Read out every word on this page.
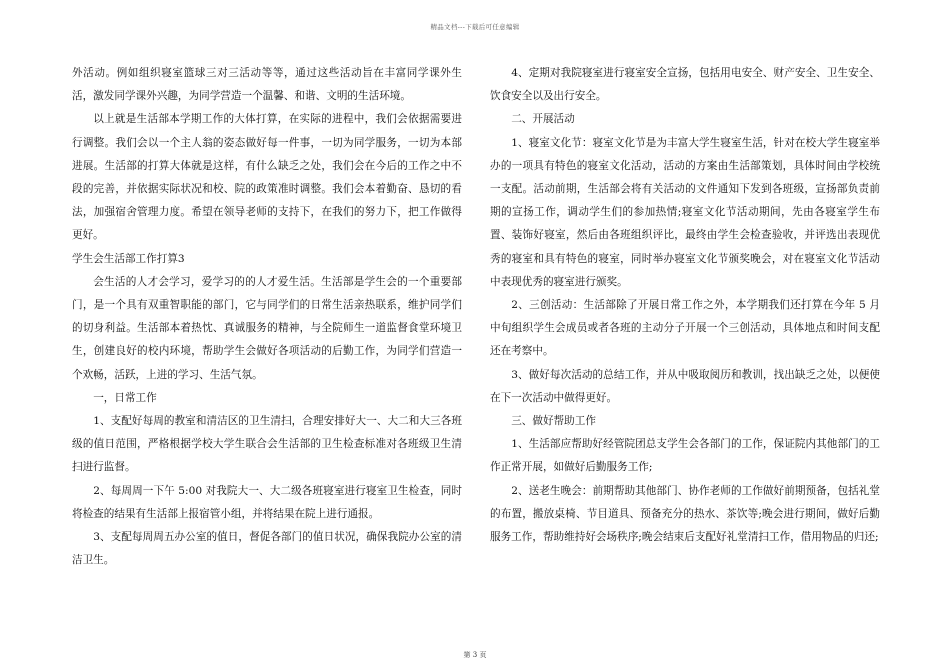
精品文档---下载后可任意编辑

外活动。例如组织寝室篮球三对三活动等等，通过这些活动旨在丰富同学课外生活，激发同学课外兴趣，为同学营造一个温馨、和谐、文明的生活环境。

以上就是生活部本学期工作的大体打算，在实际的进程中，我们会依据需要进行调整。我们会以一个主人翁的姿态做好每一件事，一切为同学服务，一切为本部进展。生活部的打算大体就是这样，有什么缺乏之处，我们会在今后的工作之中不段的完善，并依据实际状况和校、院的政策准时调整。我们会本着勤奋、恳切的看法，加强宿舍管理力度。希望在领导老师的支持下，在我们的努力下，把工作做得更好。

学生会生活部工作打算3

会生活的人才会学习，爱学习的的人才爱生活。生活部是学生会的一个重要部门，是一个具有双重智职能的部门，它与同学们的日常生活亲热联系，维护同学们的切身利益。生活部本着热忱、真诚服务的精神，与全院师生一道监督食堂环境卫生，创建良好的校内环境，帮助学生会做好各项活动的后勤工作，为同学们营造一个欢畅，活跃，上进的学习、生活气氛。

一，日常工作

1、支配好每周的教室和清洁区的卫生清扫，合理安排好大一、大二和大三各班级的值日范围，严格根据学校大学生联合会生活部的卫生检查标准对各班级卫生清扫进行监督。

2、每周周一下午 5:00 对我院大一、大二级各班寝室进行寝室卫生检查，同时将检查的结果有生活部上报宿管小组，并将结果在院上进行通报。

3、支配每周周五办公室的值日，督促各部门的值日状况，确保我院办公室的清洁卫生。

4、定期对我院寝室进行寝室安全宣扬，包括用电安全、财产安全、卫生安全、饮食安全以及出行安全。

二、开展活动

1、寝室文化节：寝室文化节是为丰富大学生寝室生活，针对在校大学生寝室举办的一项具有特色的寝室文化活动，活动的方案由生活部策划，具体时间由学校统一支配。活动前期，生活部会将有关活动的文件通知下发到各班级，宣扬部负责前期的宣扬工作，调动学生们的参加热情;寝室文化节活动期间，先由各寝室学生布置、装饰好寝室，然后由各班组织评比，最终由学生会检查验收，并评选出表现优秀的寝室和具有特色的寝室，同时举办寝室文化节颁奖晚会，对在寝室文化节活动中表现优秀的寝室进行颁奖。

2、三创活动：生活部除了开展日常工作之外，本学期我们还打算在今年 5 月中旬组织学生会成员或者各班的主动分子开展一个三创活动，具体地点和时间支配还在考察中。

3、做好每次活动的总结工作，并从中吸取阅历和教训，找出缺乏之处，以便使在下一次活动中做得更好。

三、做好帮助工作

1、生活部应帮助好经管院团总支学生会各部门的工作，保证院内其他部门的工作正常开展，如做好后勤服务工作;

2、送老生晚会：前期帮助其他部门、协作老师的工作做好前期预备，包括礼堂的布置，搬放桌椅、节目道具、预备充分的热水、茶饮等;晚会进行期间，做好后勤服务工作，帮助维持好会场秩序;晚会结束后支配好礼堂清扫工作，借用物品的归还;

第 3 页
